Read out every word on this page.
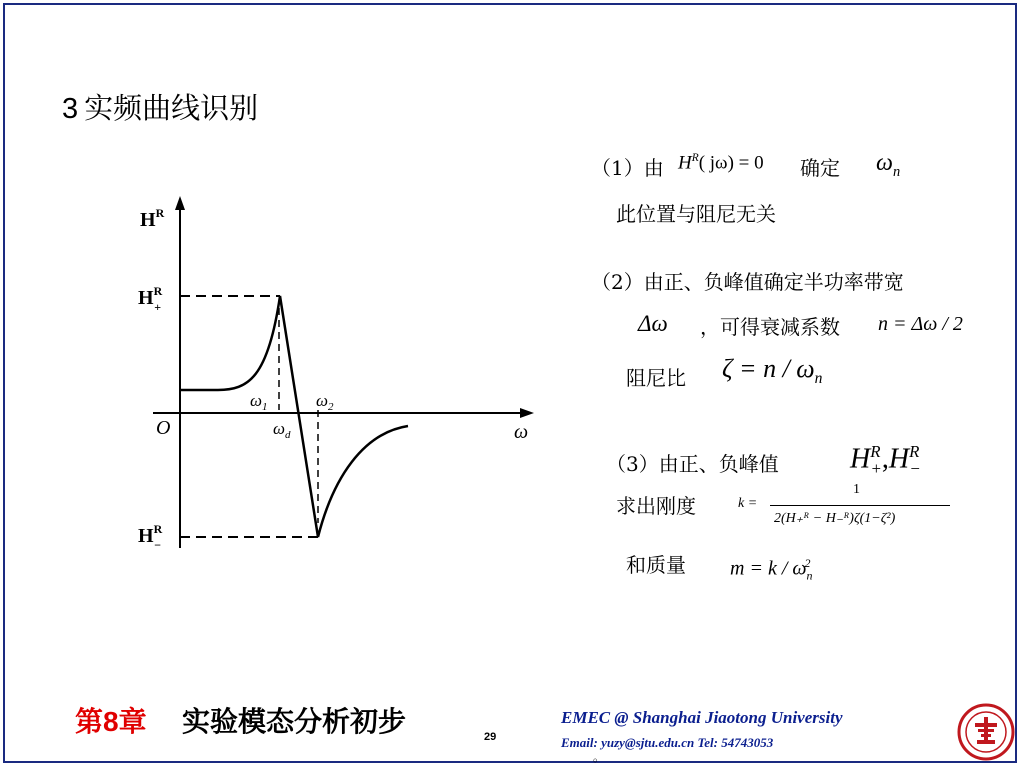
3 实频曲线识别
$H^R$
$H^R$ +
$H^R$ −
O	ω
$\omega_1$	$\omega_2$
$\omega_d$
（1）由 $H^R$( jω) = 0 确定 $\omega_n$
此位置与阻尼无关
（2）由正、负峰值确定半功率带宽
Δω ，可得衰减系数 n = Δω / 2
阻尼比 $\zeta = n / \omega_n$
（3）由正、负峰值	$H^R_+,H^R_-$
求出刚度	k =
1
2(H₊ᴿ − H₋ᴿ)ζ(1−ζ²)
和质量 $m = k / \omega_n^2$
第8章 实验模态分析初步	29
EMEC @ Shanghai Jiaotong University
Email: yuzy@sjtu.edu.cn Tel: 54743053
。
